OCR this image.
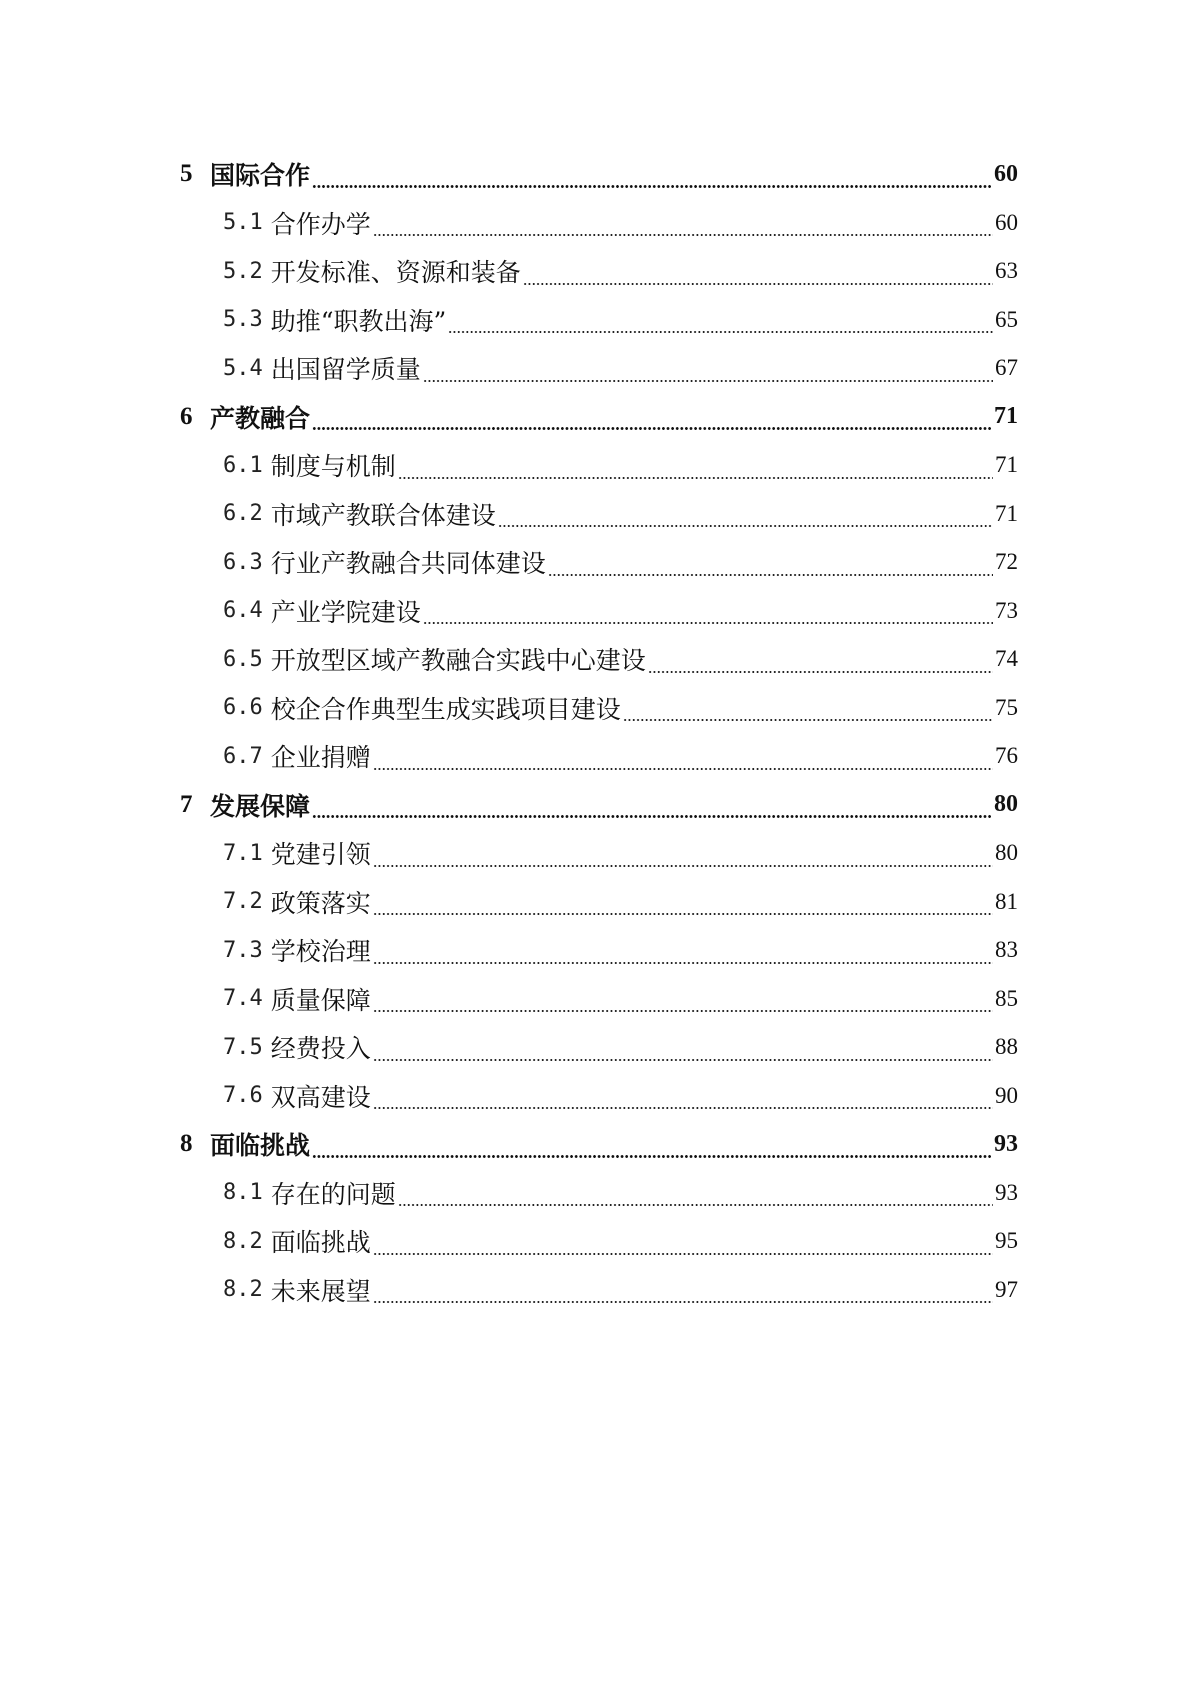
5 国际合作	60
5.1 合作办学	60
5.2 开发标准、资源和装备	63
5.3 助推“职教出海”	65
5.4 出国留学质量	67
6 产教融合	71
6.1 制度与机制	71
6.2 市域产教联合体建设	71
6.3 行业产教融合共同体建设	72
6.4 产业学院建设	73
6.5 开放型区域产教融合实践中心建设	74
6.6 校企合作典型生成实践项目建设	75
6.7 企业捐赠	76
7 发展保障	80
7.1 党建引领	80
7.2 政策落实	81
7.3 学校治理	83
7.4 质量保障	85
7.5 经费投入	88
7.6 双高建设	90
8 面临挑战	93
8.1 存在的问题	93
8.2 面临挑战	95
8.2 未来展望	97
